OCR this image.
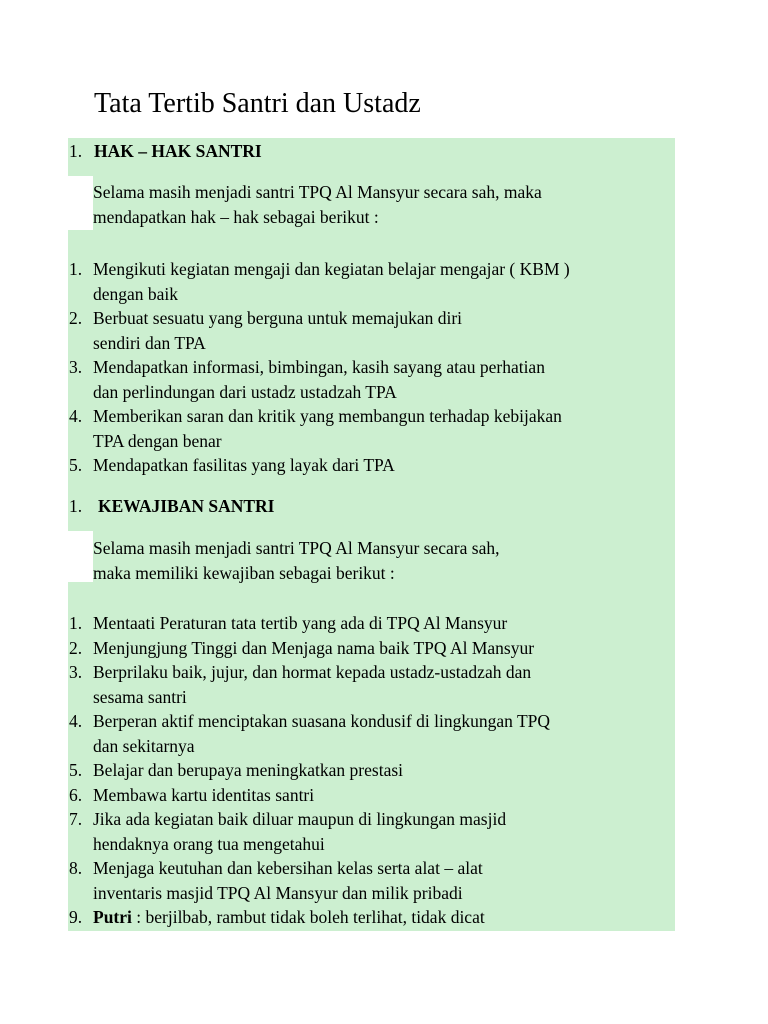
Tata Tertib Santri dan Ustadz
1. HAK – HAK SANTRI
Selama masih menjadi santri TPQ Al Mansyur secara sah, maka
mendapatkan hak – hak sebagai berikut :
1. Mengikuti kegiatan mengaji dan kegiatan belajar mengajar ( KBM )
dengan baik
2. Berbuat sesuatu yang berguna untuk memajukan diri
sendiri dan TPA
3. Mendapatkan informasi, bimbingan, kasih sayang atau perhatian
dan perlindungan dari ustadz ustadzah TPA
4. Memberikan saran dan kritik yang membangun terhadap kebijakan
TPA dengan benar
5. Mendapatkan fasilitas yang layak dari TPA
1. KEWAJIBAN SANTRI
Selama masih menjadi santri TPQ Al Mansyur secara sah,
maka memiliki kewajiban sebagai berikut :
1. Mentaati Peraturan tata tertib yang ada di TPQ Al Mansyur
2. Menjungjung Tinggi dan Menjaga nama baik TPQ Al Mansyur
3. Berprilaku baik, jujur, dan hormat kepada ustadz-ustadzah dan
sesama santri
4. Berperan aktif menciptakan suasana kondusif di lingkungan TPQ
dan sekitarnya
5. Belajar dan berupaya meningkatkan prestasi
6. Membawa kartu identitas santri
7. Jika ada kegiatan baik diluar maupun di lingkungan masjid
hendaknya orang tua mengetahui
8. Menjaga keutuhan dan kebersihan kelas serta alat – alat
inventaris masjid TPQ Al Mansyur dan milik pribadi
9. Putri : berjilbab, rambut tidak boleh terlihat, tidak dicat
